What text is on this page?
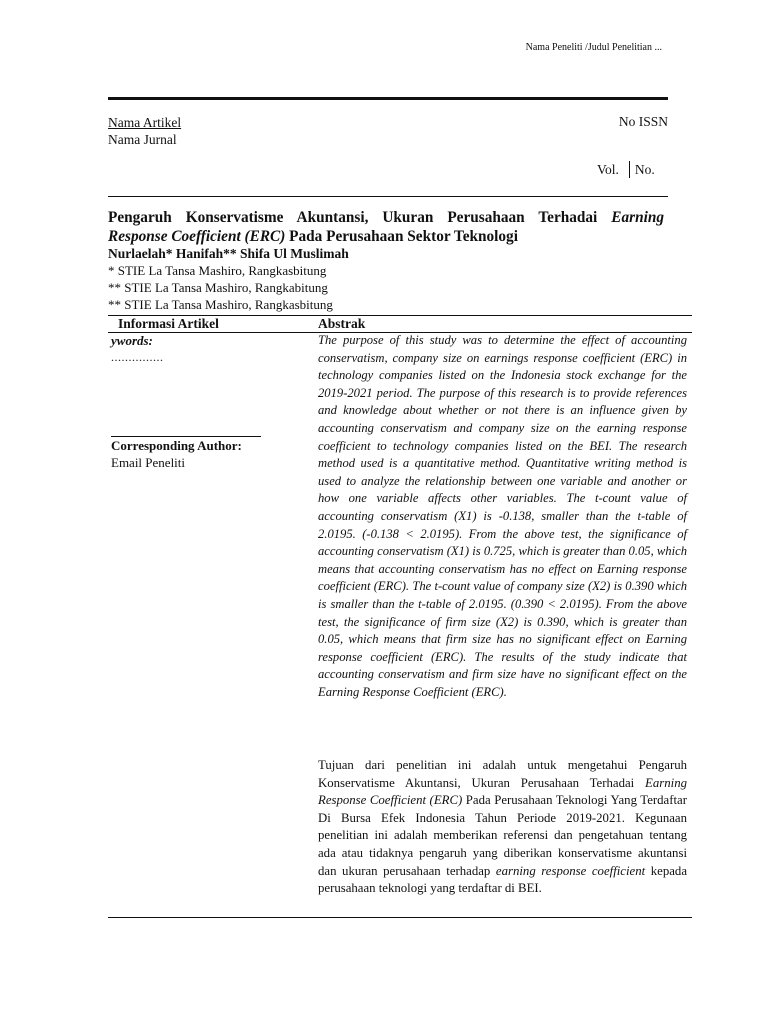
Nama Peneliti /Judul Penelitian ...
Nama Artikel
Nama Jurnal
No ISSN
Vol. No.
Pengaruh Konservatisme Akuntansi, Ukuran Perusahaan Terhadai Earning Response Coefficient (ERC) Pada Perusahaan Sektor Teknologi
Nurlaelah* Hanifah** Shifa Ul Muslimah
* STIE La Tansa Mashiro, Rangkasbitung
** STIE La Tansa Mashiro, Rangkabitung
** STIE La Tansa Mashiro, Rangkasbitung
Informasi Artikel	Abstrak
ywords:
...............
Corresponding Author:
Email Peneliti

The purpose of this study was to determine the effect of accounting conservatism, company size on earnings response coefficient (ERC) in technology companies listed on the Indonesia stock exchange for the 2019-2021 period. The purpose of this research is to provide references and knowledge about whether or not there is an influence given by accounting conservatism and company size on the earning response coefficient to technology companies listed on the BEI. The research method used is a quantitative method. Quantitative writing method is used to analyze the relationship between one variable and another or how one variable affects other variables. The t-count value of accounting conservatism (X1) is -0.138, smaller than the t-table of 2.0195. (-0.138 < 2.0195). From the above test, the significance of accounting conservatism (X1) is 0.725, which is greater than 0.05, which means that accounting conservatism has no effect on Earning response coefficient (ERC). The t-count value of company size (X2) is 0.390 which is smaller than the t-table of 2.0195. (0.390 < 2.0195). From the above test, the significance of firm size (X2) is 0.390, which is greater than 0.05, which means that firm size has no significant effect on Earning response coefficient (ERC). The results of the study indicate that accounting conservatism and firm size have no significant effect on the Earning Response Coefficient (ERC).

Tujuan dari penelitian ini adalah untuk mengetahui Pengaruh Konservatisme Akuntansi, Ukuran Perusahaan Terhadai Earning Response Coefficient (ERC) Pada Perusahaan Teknologi Yang Terdaftar Di Bursa Efek Indonesia Tahun Periode 2019-2021. Kegunaan penelitian ini adalah memberikan referensi dan pengetahuan tentang ada atau tidaknya pengaruh yang diberikan konservatisme akuntansi dan ukuran perusahaan terhadap earning response coefficient kepada perusahaan teknologi yang terdaftar di BEI.
